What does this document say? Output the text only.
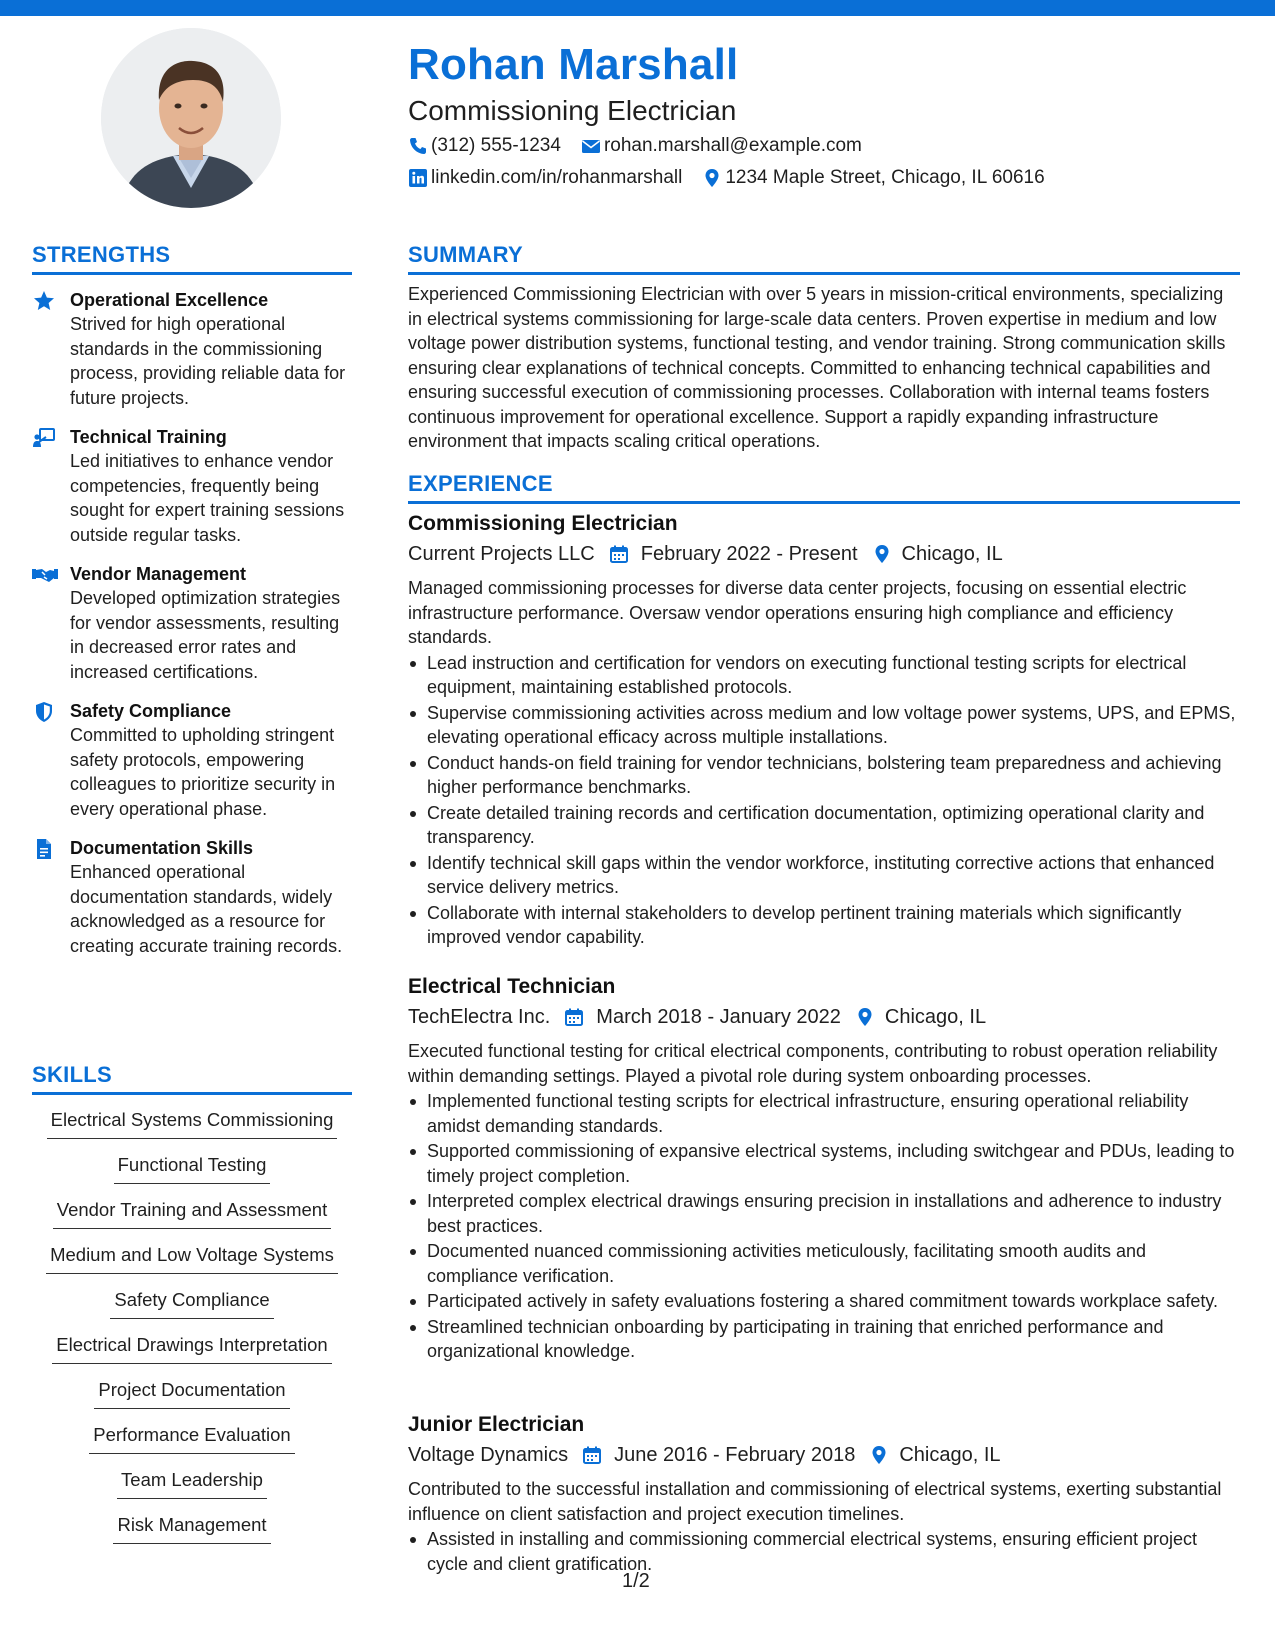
Rohan Marshall
Commissioning Electrician
(312) 555-1234 rohan.marshall@example.com
linkedin.com/in/rohanmarshall 1234 Maple Street, Chicago, IL 60616
STRENGTHS
Operational Excellence
Strived for high operational standards in the commissioning process, providing reliable data for future projects.
Technical Training
Led initiatives to enhance vendor competencies, frequently being sought for expert training sessions outside regular tasks.
Vendor Management
Developed optimization strategies for vendor assessments, resulting in decreased error rates and increased certifications.
Safety Compliance
Committed to upholding stringent safety protocols, empowering colleagues to prioritize security in every operational phase.
Documentation Skills
Enhanced operational documentation standards, widely acknowledged as a resource for creating accurate training records.
SKILLS
Electrical Systems Commissioning
Functional Testing
Vendor Training and Assessment
Medium and Low Voltage Systems
Safety Compliance
Electrical Drawings Interpretation
Project Documentation
Performance Evaluation
Team Leadership
Risk Management
SUMMARY
Experienced Commissioning Electrician with over 5 years in mission-critical environments, specializing in electrical systems commissioning for large-scale data centers. Proven expertise in medium and low voltage power distribution systems, functional testing, and vendor training. Strong communication skills ensuring clear explanations of technical concepts. Committed to enhancing technical capabilities and ensuring successful execution of commissioning processes. Collaboration with internal teams fosters continuous improvement for operational excellence. Support a rapidly expanding infrastructure environment that impacts scaling critical operations.
EXPERIENCE
Commissioning Electrician
Current Projects LLC February 2022 - Present Chicago, IL
Managed commissioning processes for diverse data center projects, focusing on essential electric infrastructure performance. Oversaw vendor operations ensuring high compliance and efficiency standards.
Lead instruction and certification for vendors on executing functional testing scripts for electrical equipment, maintaining established protocols.
Supervise commissioning activities across medium and low voltage power systems, UPS, and EPMS, elevating operational efficacy across multiple installations.
Conduct hands-on field training for vendor technicians, bolstering team preparedness and achieving higher performance benchmarks.
Create detailed training records and certification documentation, optimizing operational clarity and transparency.
Identify technical skill gaps within the vendor workforce, instituting corrective actions that enhanced service delivery metrics.
Collaborate with internal stakeholders to develop pertinent training materials which significantly improved vendor capability.
Electrical Technician
TechElectra Inc. March 2018 - January 2022 Chicago, IL
Executed functional testing for critical electrical components, contributing to robust operation reliability within demanding settings. Played a pivotal role during system onboarding processes.
Implemented functional testing scripts for electrical infrastructure, ensuring operational reliability amidst demanding standards.
Supported commissioning of expansive electrical systems, including switchgear and PDUs, leading to timely project completion.
Interpreted complex electrical drawings ensuring precision in installations and adherence to industry best practices.
Documented nuanced commissioning activities meticulously, facilitating smooth audits and compliance verification.
Participated actively in safety evaluations fostering a shared commitment towards workplace safety.
Streamlined technician onboarding by participating in training that enriched performance and organizational knowledge.
Junior Electrician
Voltage Dynamics June 2016 - February 2018 Chicago, IL
Contributed to the successful installation and commissioning of electrical systems, exerting substantial influence on client satisfaction and project execution timelines.
Assisted in installing and commissioning commercial electrical systems, ensuring efficient project cycle and client gratification.
1/2
